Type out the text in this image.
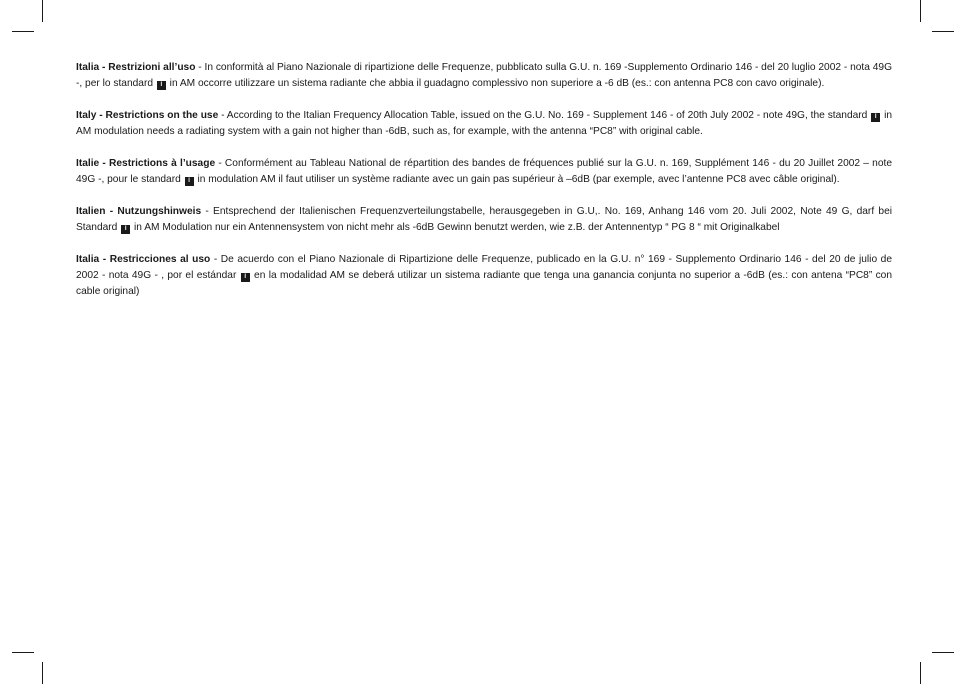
Italia - Restrizioni all’uso - In conformità al Piano Nazionale di ripartizione delle Frequenze, pubblicato sulla G.U. n. 169 -Supplemento Ordinario 146 - del 20 luglio 2002 - nota 49G -, per lo standard I in AM occorre utilizzare un sistema radiante che abbia il guadagno complessivo non superiore a -6 dB (es.: con antenna PC8 con cavo originale).

Italy - Restrictions on the use - According to the Italian Frequency Allocation Table, issued on the G.U. No. 169 - Supplement 146 - of 20th July 2002 - note 49G, the standard I in AM modulation needs a radiating system with a gain not higher than -6dB, such as, for example, with the antenna “PC8” with original cable.

Italie - Restrictions à l’usage - Conformément au Tableau National de répartition des bandes de fréquences publié sur la G.U. n. 169, Supplément 146 - du 20 Juillet 2002 – note 49G -, pour le standard I in modulation AM il faut utiliser un système radiante avec un gain pas supérieur à –6dB (par exemple, avec l’antenne PC8 avec câble original).

Italien - Nutzungshinweis - Entsprechend der Italienischen Frequenzverteilungstabelle, herausgegeben in G.U,. No. 169, Anhang 146 vom 20. Juli 2002, Note 49 G, darf bei Standard I in AM Modulation nur ein Antennensystem von nicht mehr als -6dB Gewinn benutzt werden, wie z.B. der Antennentyp “ PG 8 “ mit Originalkabel

Italia - Restricciones al uso - De acuerdo con el Piano Nazionale di Ripartizione delle Frequenze, publicado en la G.U. n° 169 - Supplemento Ordinario 146 - del 20 de julio de 2002 - nota 49G - , por el estándar I en la modalidad AM se deberá utilizar un sistema radiante que tenga una ganancia conjunta no superior a -6dB (es.: con antena “PC8” con cable original)
